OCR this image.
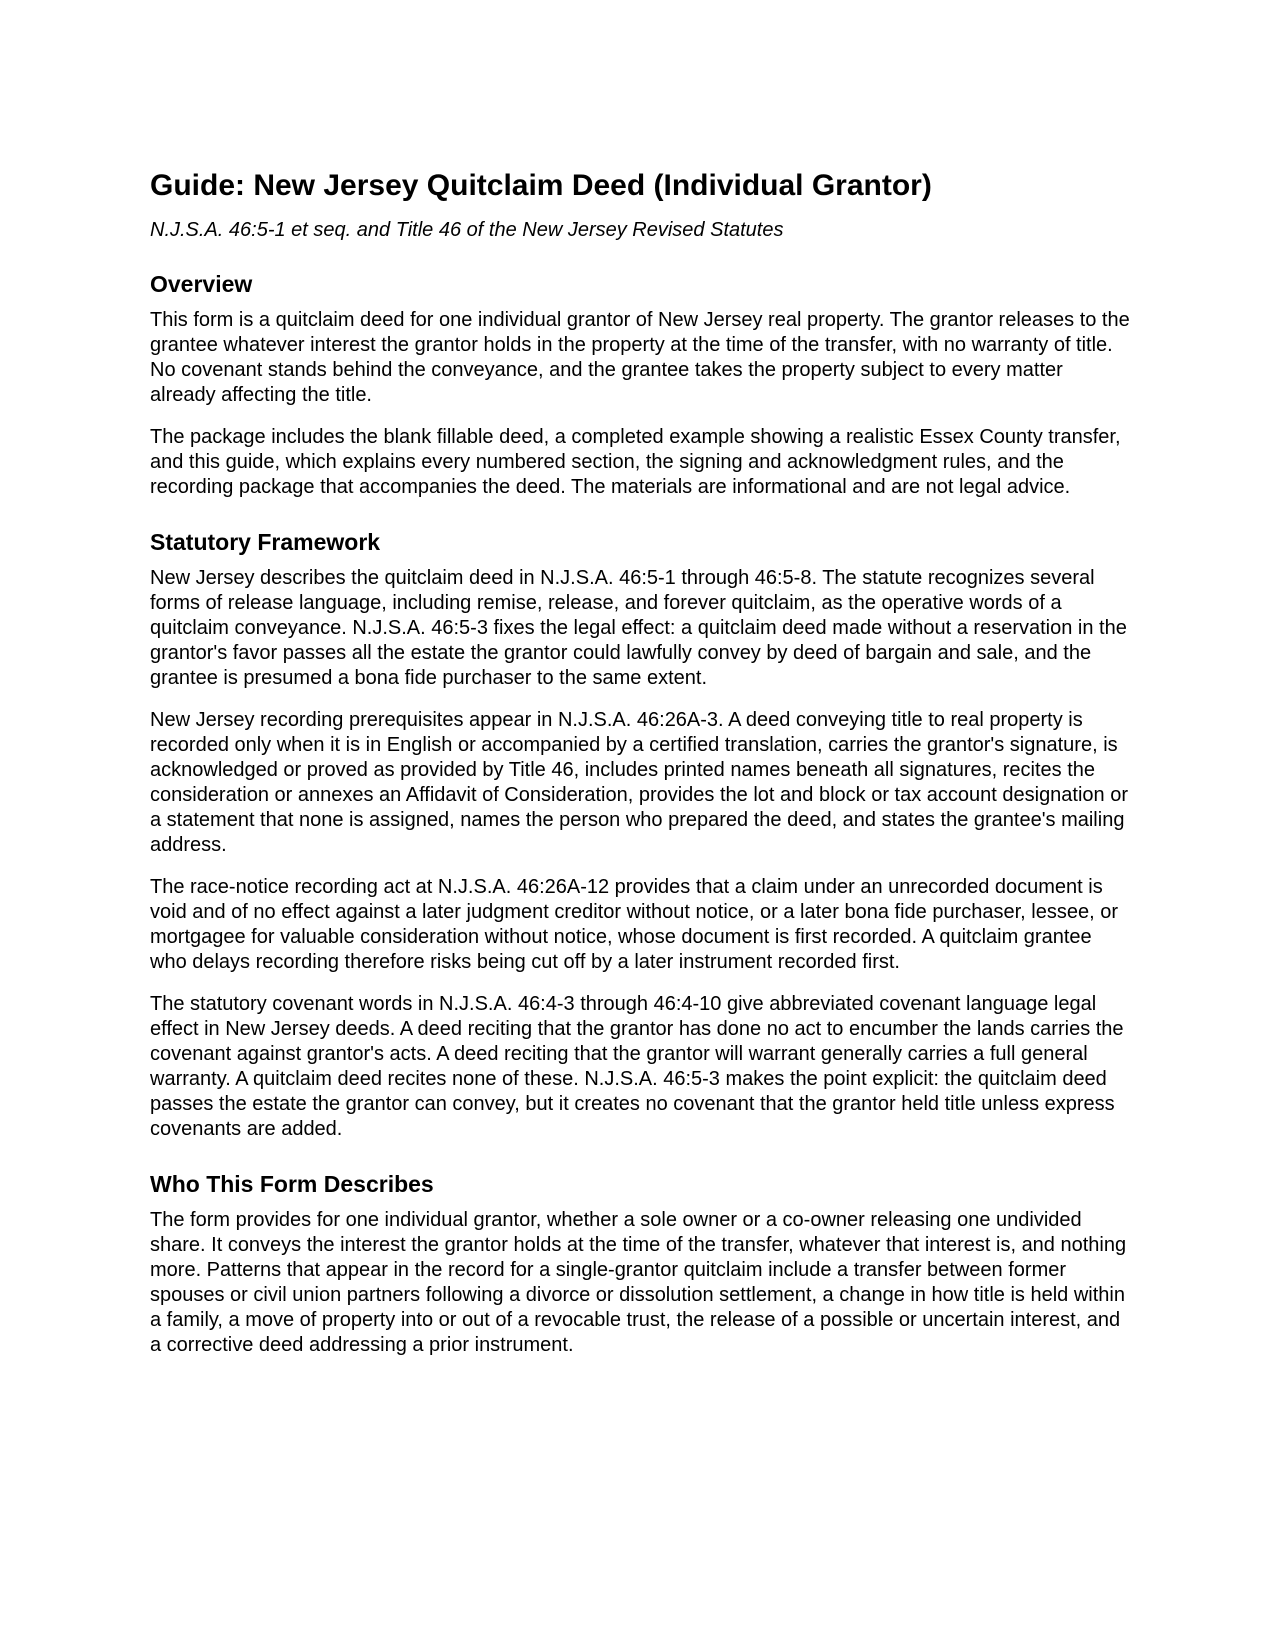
Guide: New Jersey Quitclaim Deed (Individual Grantor)

N.J.S.A. 46:5-1 et seq. and Title 46 of the New Jersey Revised Statutes

Overview

This form is a quitclaim deed for one individual grantor of New Jersey real property. The grantor releases to the grantee whatever interest the grantor holds in the property at the time of the transfer, with no warranty of title. No covenant stands behind the conveyance, and the grantee takes the property subject to every matter already affecting the title.

The package includes the blank fillable deed, a completed example showing a realistic Essex County transfer, and this guide, which explains every numbered section, the signing and acknowledgment rules, and the recording package that accompanies the deed. The materials are informational and are not legal advice.

Statutory Framework

New Jersey describes the quitclaim deed in N.J.S.A. 46:5-1 through 46:5-8. The statute recognizes several forms of release language, including remise, release, and forever quitclaim, as the operative words of a quitclaim conveyance. N.J.S.A. 46:5-3 fixes the legal effect: a quitclaim deed made without a reservation in the grantor's favor passes all the estate the grantor could lawfully convey by deed of bargain and sale, and the grantee is presumed a bona fide purchaser to the same extent.

New Jersey recording prerequisites appear in N.J.S.A. 46:26A-3. A deed conveying title to real property is recorded only when it is in English or accompanied by a certified translation, carries the grantor's signature, is acknowledged or proved as provided by Title 46, includes printed names beneath all signatures, recites the consideration or annexes an Affidavit of Consideration, provides the lot and block or tax account designation or a statement that none is assigned, names the person who prepared the deed, and states the grantee's mailing address.

The race-notice recording act at N.J.S.A. 46:26A-12 provides that a claim under an unrecorded document is void and of no effect against a later judgment creditor without notice, or a later bona fide purchaser, lessee, or mortgagee for valuable consideration without notice, whose document is first recorded. A quitclaim grantee who delays recording therefore risks being cut off by a later instrument recorded first.

The statutory covenant words in N.J.S.A. 46:4-3 through 46:4-10 give abbreviated covenant language legal effect in New Jersey deeds. A deed reciting that the grantor has done no act to encumber the lands carries the covenant against grantor's acts. A deed reciting that the grantor will warrant generally carries a full general warranty. A quitclaim deed recites none of these. N.J.S.A. 46:5-3 makes the point explicit: the quitclaim deed passes the estate the grantor can convey, but it creates no covenant that the grantor held title unless express covenants are added.

Who This Form Describes

The form provides for one individual grantor, whether a sole owner or a co-owner releasing one undivided share. It conveys the interest the grantor holds at the time of the transfer, whatever that interest is, and nothing more. Patterns that appear in the record for a single-grantor quitclaim include a transfer between former spouses or civil union partners following a divorce or dissolution settlement, a change in how title is held within a family, a move of property into or out of a revocable trust, the release of a possible or uncertain interest, and a corrective deed addressing a prior instrument.
